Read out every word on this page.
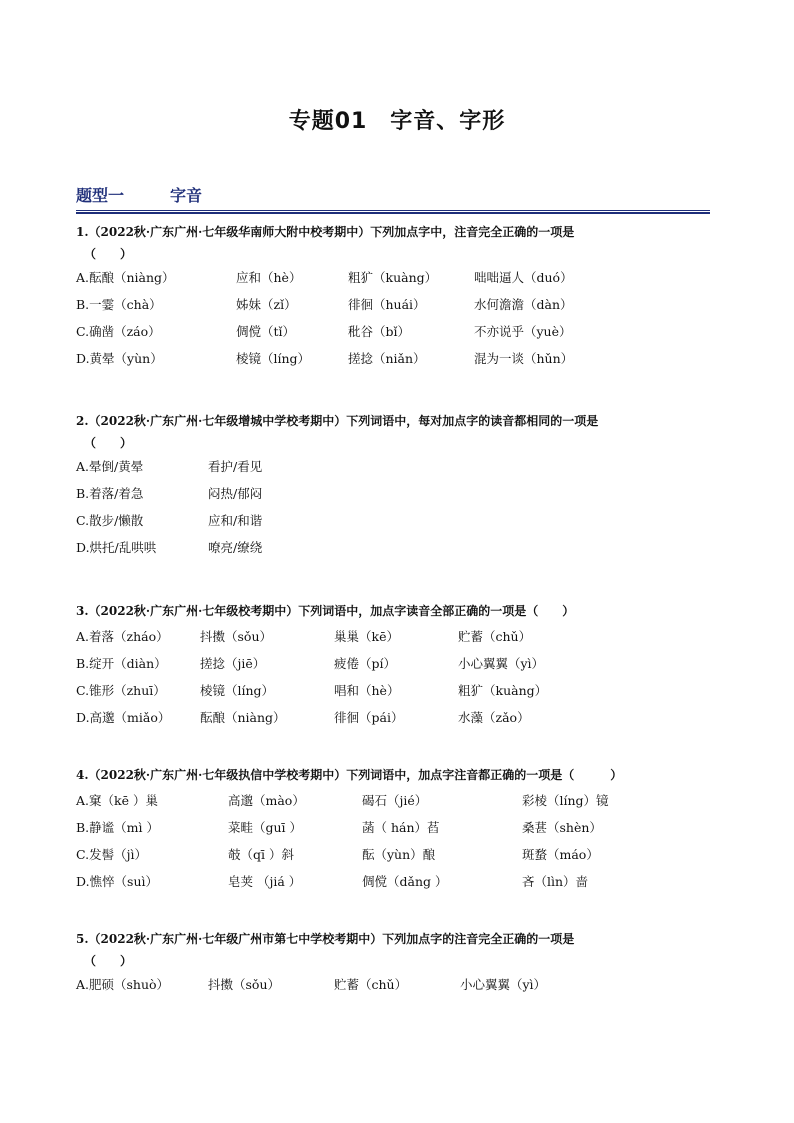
专题01　字音、字形
题型一	字音
1.（2022秋·广东广州·七年级华南师大附中校考期中）下列加点字中，注音完全正确的一项是
（　　）
A.酝酿（niàng）	应和（hè）	粗犷（kuàng）	咄咄逼人（duó）
B.一霎（chà）	姊妹（zǐ）	徘徊（huái）	水何澹澹（dàn）
C.确凿（záo）	倜傥（tǐ）	秕谷（bǐ）	不亦说乎（yuè）
D.黄晕（yùn）	棱镜（líng）	搓捻（niǎn）	混为一谈（hǔn）
2.（2022秋·广东广州·七年级增城中学校考期中）下列词语中，每对加点字的读音都相同的一项是
（　　）
A.晕倒/黄晕	看护/看见
B.着落/着急	闷热/郁闷
C.散步/懒散	应和/和谐
D.烘托/乱哄哄	嘹亮/缭绕
3.（2022秋·广东广州·七年级校考期中）下列词语中，加点字读音全部正确的一项是（　　）
A.着落（zháo）	抖擞（sǒu）	巢巢（kē）	贮蓄（chǔ）
B.绽开（diàn）	搓捻（jiē）	疲倦（pí）	小心翼翼（yì）
C.锥形（zhuī）	棱镜（líng）	唱和（hè）	粗犷（kuàng）
D.高邈（miǎo） 酝酿（niàng）	徘徊（pái）	水藻（zǎo）
4.（2022秋·广东广州·七年级执信中学校考期中）下列词语中，加点字注音都正确的一项是（　　　）
A.窠（kē ）巢	高邈（mào）	碣石（jié）	彩棱（líng）镜
B.静谧（mì ）	菜畦（guī ）	菡（ hán）萏	桑葚（shèn）
C.发髻（jì）	攲（qī ）斜	酝（yùn）酿	斑蝥（máo）
D.憔悴（suì）	皂荚 （jiá ）	倜傥（dǎng ）	吝（lìn）啬
5.（2022秋·广东广州·七年级广州市第七中学校考期中）下列加点字的注音完全正确的一项是
（　　）
A.肥硕（shuò）	抖擞（sǒu）	贮蓄（chǔ）	小心翼翼（yì）
